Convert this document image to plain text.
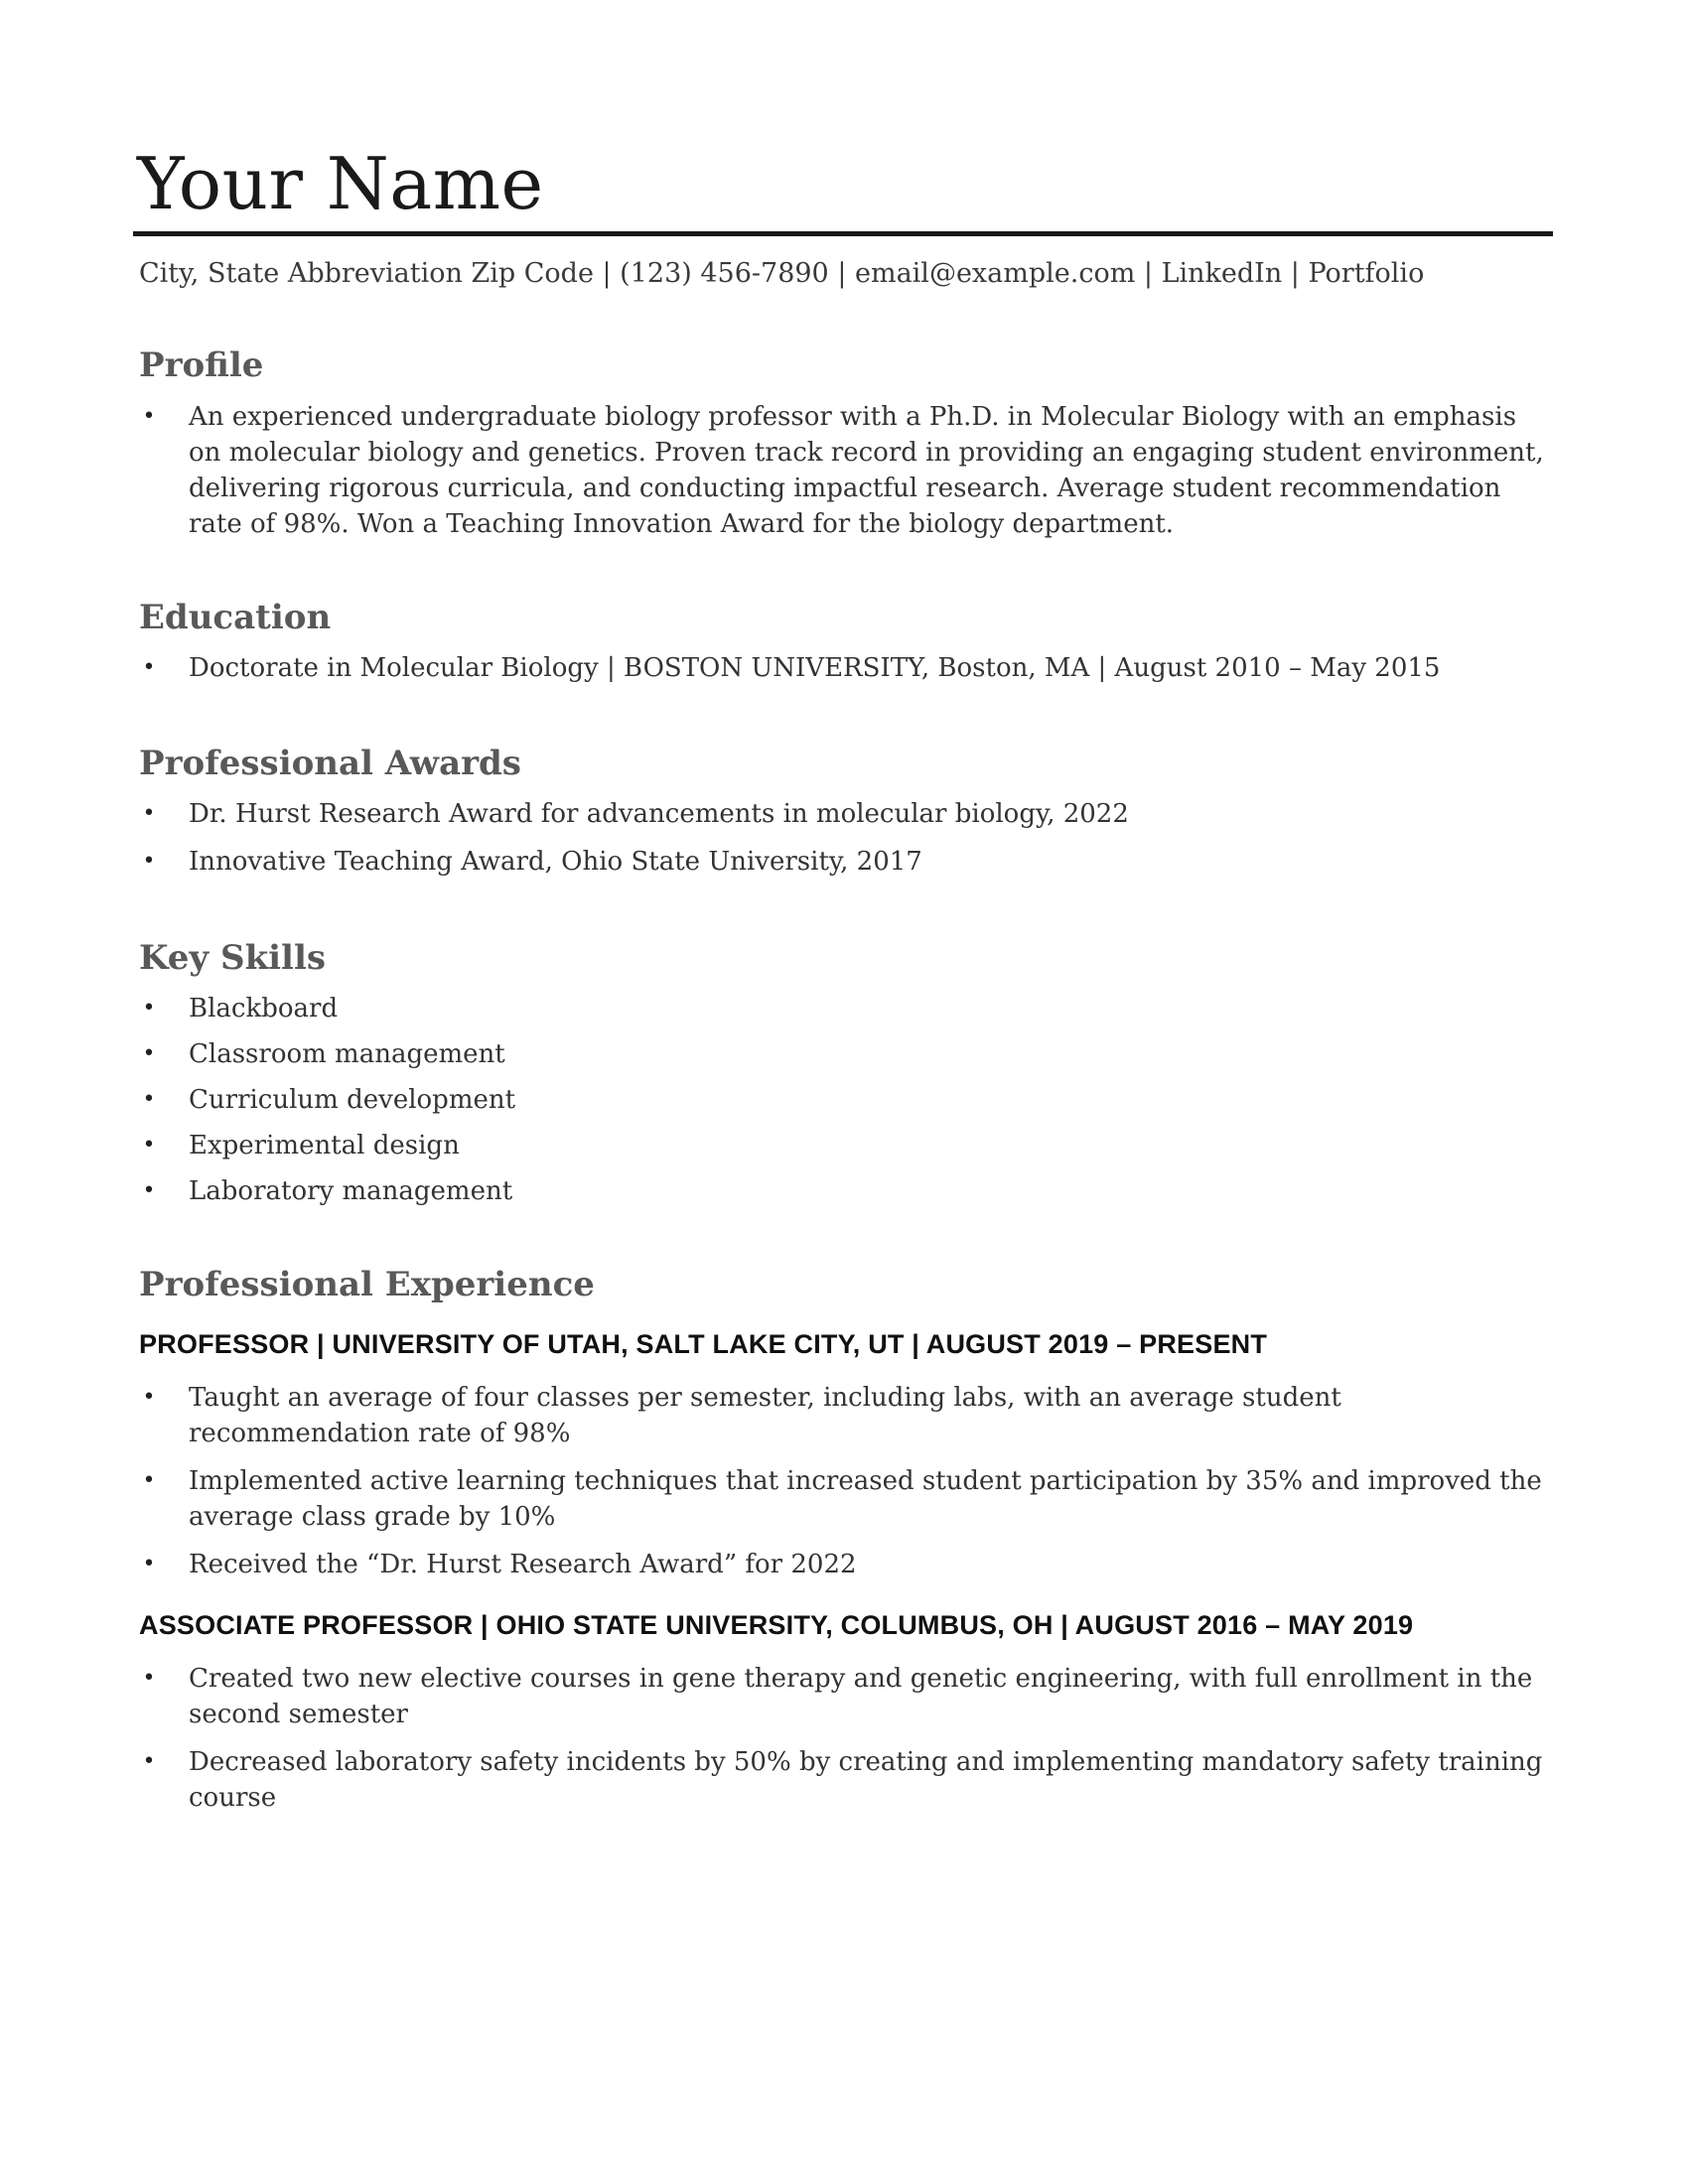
Your Name
City, State Abbreviation Zip Code | (123) 456-7890 | email@example.com | LinkedIn | Portfolio
Profile
• An experienced undergraduate biology professor with a Ph.D. in Molecular Biology with an emphasis on molecular biology and genetics. Proven track record in providing an engaging student environment, delivering rigorous curricula, and conducting impactful research. Average student recommendation rate of 98%. Won a Teaching Innovation Award for the biology department.
Education
• Doctorate in Molecular Biology | BOSTON UNIVERSITY, Boston, MA | August 2010 – May 2015
Professional Awards
• Dr. Hurst Research Award for advancements in molecular biology, 2022
• Innovative Teaching Award, Ohio State University, 2017
Key Skills
• Blackboard
• Classroom management
• Curriculum development
• Experimental design
• Laboratory management
Professional Experience
PROFESSOR | UNIVERSITY OF UTAH, SALT LAKE CITY, UT | AUGUST 2019 – PRESENT
• Taught an average of four classes per semester, including labs, with an average student recommendation rate of 98%
• Implemented active learning techniques that increased student participation by 35% and improved the average class grade by 10%
• Received the “Dr. Hurst Research Award” for 2022
ASSOCIATE PROFESSOR | OHIO STATE UNIVERSITY, COLUMBUS, OH | AUGUST 2016 – MAY 2019
• Created two new elective courses in gene therapy and genetic engineering, with full enrollment in the second semester
• Decreased laboratory safety incidents by 50% by creating and implementing mandatory safety training course
